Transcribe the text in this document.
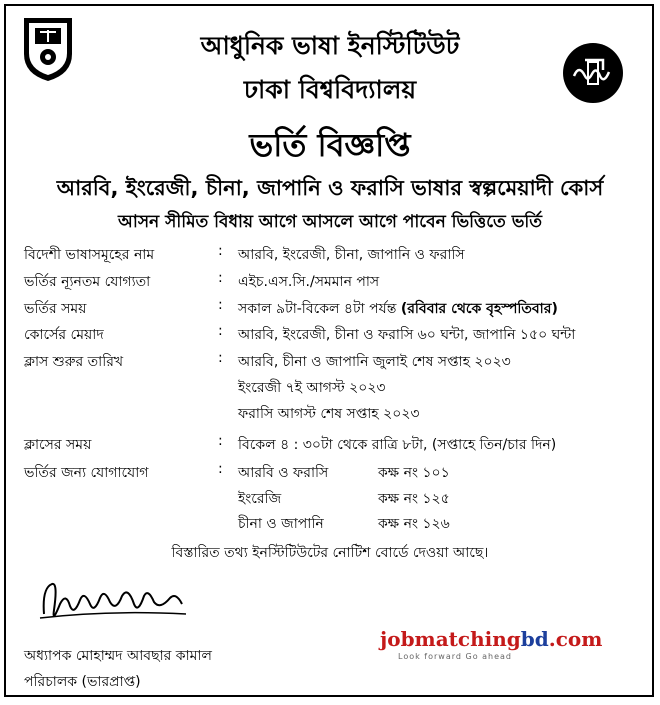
আধুনিক ভাষা ইনস্টিটিউট
ঢাকা বিশ্ববিদ্যালয়
ভর্তি বিজ্ঞপ্তি
আরবি, ইংরেজী, চীনা, জাপানি ও ফরাসি ভাষার স্বল্পমেয়াদী কোর্স
আসন সীমিত বিধায় আগে আসলে আগে পাবেন ভিত্তিতে ভর্তি
বিদেশী ভাষাসমূহের নাম	: আরবি, ইংরেজী, চীনা, জাপানি ও ফরাসি
ভর্তির ন্যূনতম যোগ্যতা	: এইচ.এস.সি./সমমান পাস
ভর্তির সময়	: সকাল ৯টা-বিকেল ৪টা পর্যন্ত (রবিবার থেকে বৃহস্পতিবার)
কোর্সের মেয়াদ	: আরবি, ইংরেজী, চীনা ও ফরাসি ৬০ ঘন্টা, জাপানি ১৫০ ঘন্টা
ক্লাস শুরুর তারিখ	: আরবি, চীনা ও জাপানি জুলাই শেষ সপ্তাহ ২০২৩
ইংরেজী ৭ই আগস্ট ২০২৩
ফরাসি আগস্ট শেষ সপ্তাহ ২০২৩
ক্লাসের সময়	: বিকেল ৪ : ৩০টা থেকে রাত্রি ৮টা, (সপ্তাহে তিন/চার দিন)
ভর্তির জন্য যোগাযোগ	: আরবি ও ফরাসি	কক্ষ নং ১০১
ইংরেজি	কক্ষ নং ১২৫
চীনা ও জাপানি	কক্ষ নং ১২৬
বিস্তারিত তথ্য ইনস্টিটিউটের নোটিশ বোর্ডে দেওয়া আছে।
অধ্যাপক মোহাম্মদ আবছার কামাল
পরিচালক (ভারপ্রাপ্ত)
jobmatchingbd.com
Look forward Go ahead
